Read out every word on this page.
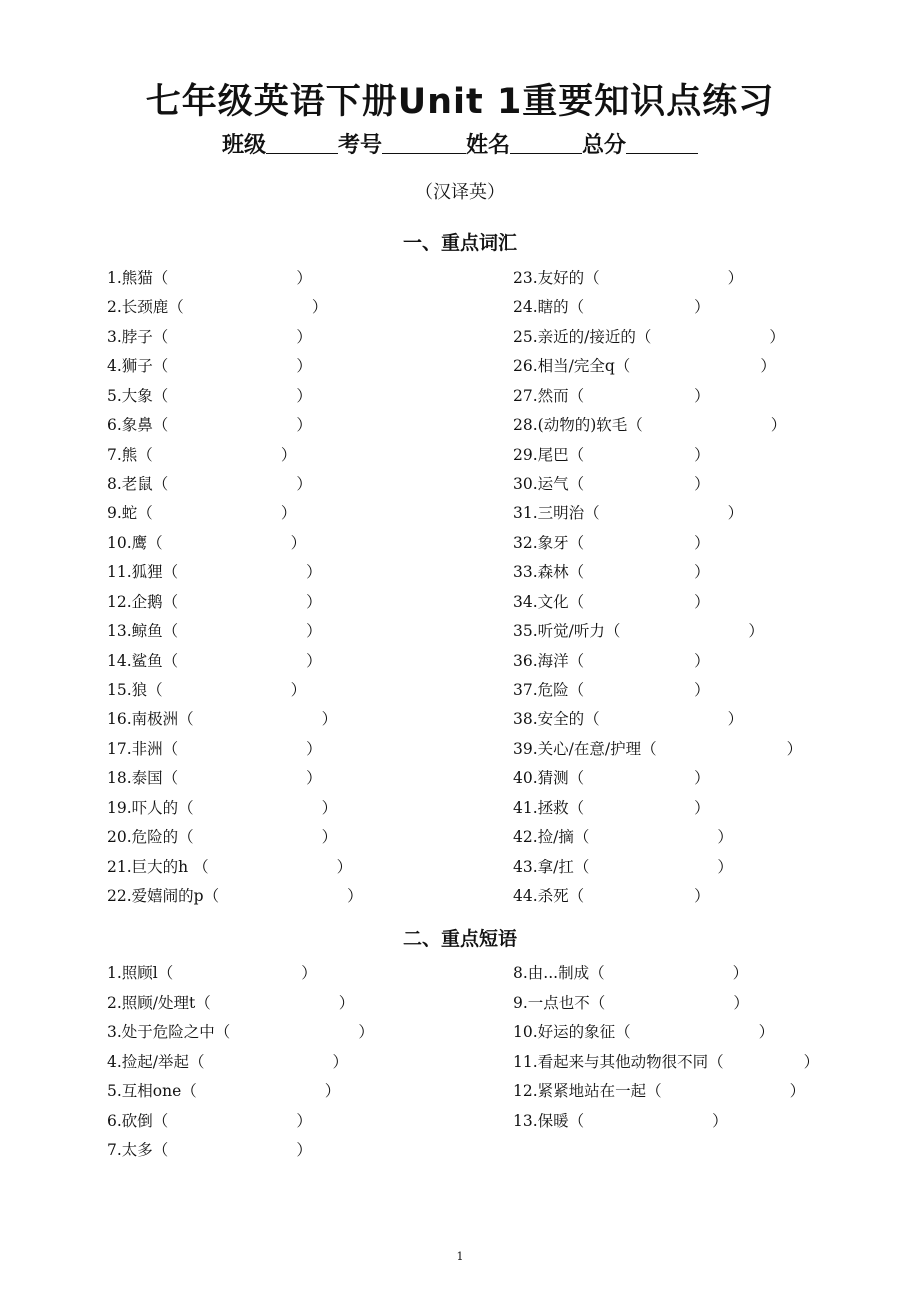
七年级英语下册Unit 1重要知识点练习
班级	考号	姓名	总分
（汉译英）
一、重点词汇
1.熊猫（	）
2.长颈鹿（	）
3.脖子（	）
4.狮子（	）
5.大象（	）
6.象鼻（	）
7.熊（	）
8.老鼠（	）
9.蛇（	）
10.鹰（	）
11.狐狸（	）
12.企鹅（	）
13.鲸鱼（	）
14.鲨鱼（	）
15.狼（	）
16.南极洲（	）
17.非洲（	）
18.泰国（	）
19.吓人的（	）
20.危险的（	）
21.巨大的h （	）
22.爱嬉闹的p（	）
23.友好的（	）
24.瞎的（	）
25.亲近的/接近的（	）
26.相当/完全q（	）
27.然而（	）
28.(动物的)软毛（	）
29.尾巴（	）
30.运气（	）
31.三明治（	）
32.象牙（	）
33.森林（	）
34.文化（	）
35.听觉/听力（	）
36.海洋（	）
37.危险（	）
38.安全的（	）
39.关心/在意/护理（	）
40.猜测（	）
41.拯救（	）
42.捡/摘（	）
43.拿/扛（	）
44.杀死（	）
二、重点短语
1.照顾l（	）
2.照顾/处理t（	）
3.处于危险之中（	）
4.捡起/举起（	）
5.互相one（	）
6.砍倒（	）
7.太多（	）
8.由...制成（	）
9.一点也不（	）
10.好运的象征（	）
11.看起来与其他动物很不同（	）
12.紧紧地站在一起（	）
13.保暖（	）
1
